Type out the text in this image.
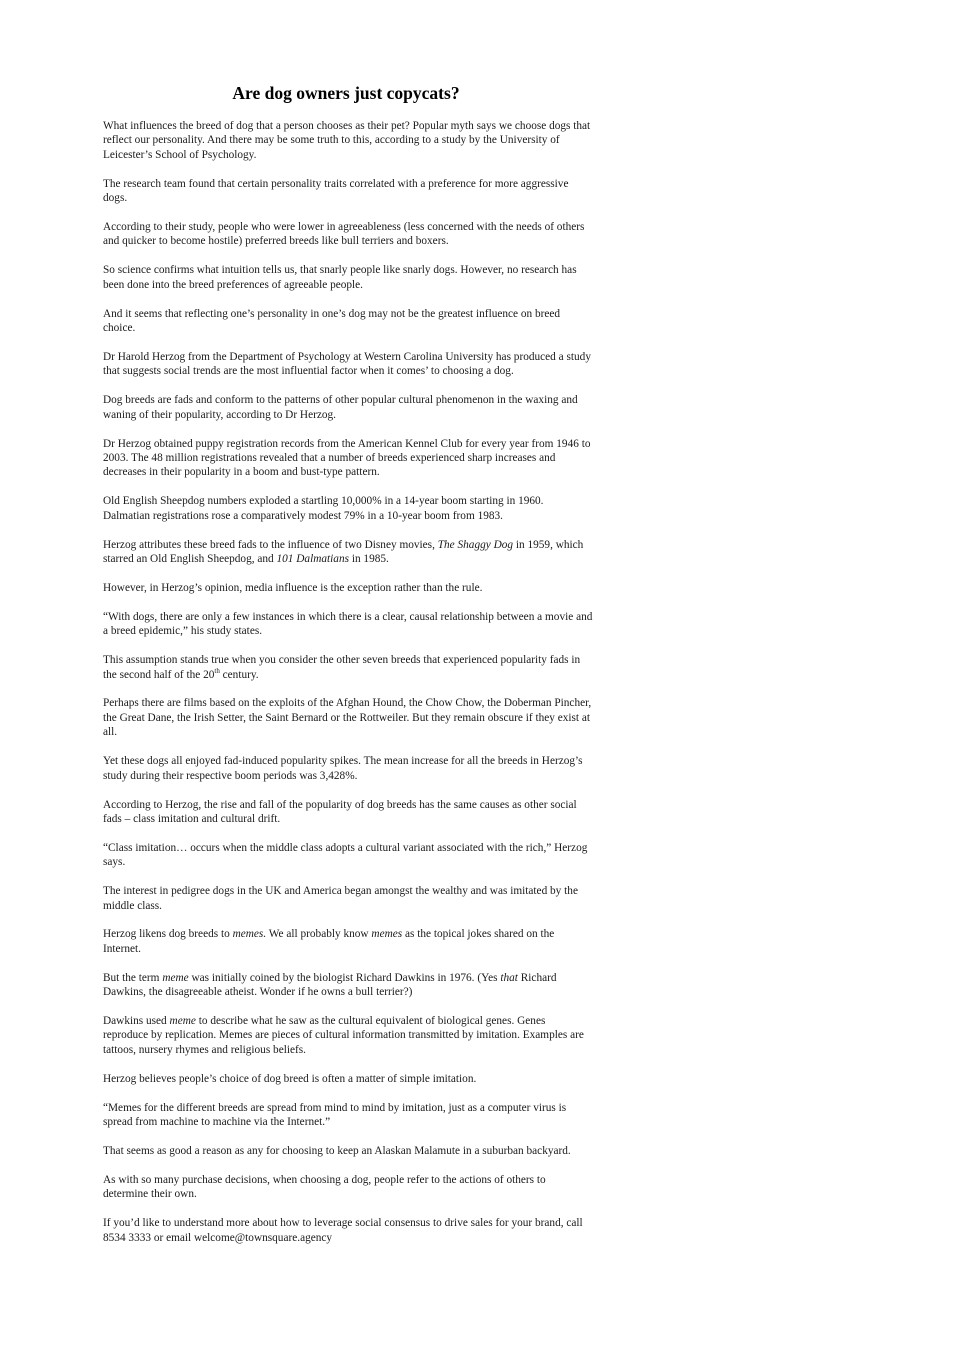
Are dog owners just copycats?

What influences the breed of dog that a person chooses as their pet? Popular myth says we choose dogs that reflect our personality. And there may be some truth to this, according to a study by the University of Leicester’s School of Psychology.

The research team found that certain personality traits correlated with a preference for more aggressive dogs.

According to their study, people who were lower in agreeableness (less concerned with the needs of others and quicker to become hostile) preferred breeds like bull terriers and boxers.

So science confirms what intuition tells us, that snarly people like snarly dogs. However, no research has been done into the breed preferences of agreeable people.

And it seems that reflecting one’s personality in one’s dog may not be the greatest influence on breed choice.

Dr Harold Herzog from the Department of Psychology at Western Carolina University has produced a study that suggests social trends are the most influential factor when it comes’ to choosing a dog.

Dog breeds are fads and conform to the patterns of other popular cultural phenomenon in the waxing and waning of their popularity, according to Dr Herzog.

Dr Herzog obtained puppy registration records from the American Kennel Club for every year from 1946 to 2003. The 48 million registrations revealed that a number of breeds experienced sharp increases and decreases in their popularity in a boom and bust-type pattern.

Old English Sheepdog numbers exploded a startling 10,000% in a 14-year boom starting in 1960. Dalmatian registrations rose a comparatively modest 79% in a 10-year boom from 1983.

Herzog attributes these breed fads to the influence of two Disney movies, The Shaggy Dog in 1959, which starred an Old English Sheepdog, and 101 Dalmatians in 1985.

However, in Herzog’s opinion, media influence is the exception rather than the rule.

“With dogs, there are only a few instances in which there is a clear, causal relationship between a movie and a breed epidemic,” his study states.

This assumption stands true when you consider the other seven breeds that experienced popularity fads in the second half of the 20th century.

Perhaps there are films based on the exploits of the Afghan Hound, the Chow Chow, the Doberman Pincher, the Great Dane, the Irish Setter, the Saint Bernard or the Rottweiler. But they remain obscure if they exist at all.

Yet these dogs all enjoyed fad-induced popularity spikes. The mean increase for all the breeds in Herzog’s study during their respective boom periods was 3,428%.

According to Herzog, the rise and fall of the popularity of dog breeds has the same causes as other social fads – class imitation and cultural drift.

“Class imitation… occurs when the middle class adopts a cultural variant associated with the rich,” Herzog says.

The interest in pedigree dogs in the UK and America began amongst the wealthy and was imitated by the middle class.

Herzog likens dog breeds to memes. We all probably know memes as the topical jokes shared on the Internet.

But the term meme was initially coined by the biologist Richard Dawkins in 1976. (Yes that Richard Dawkins, the disagreeable atheist. Wonder if he owns a bull terrier?)

Dawkins used meme to describe what he saw as the cultural equivalent of biological genes. Genes reproduce by replication. Memes are pieces of cultural information transmitted by imitation. Examples are tattoos, nursery rhymes and religious beliefs.

Herzog believes people’s choice of dog breed is often a matter of simple imitation.

“Memes for the different breeds are spread from mind to mind by imitation, just as a computer virus is spread from machine to machine via the Internet.”

That seems as good a reason as any for choosing to keep an Alaskan Malamute in a suburban backyard.

As with so many purchase decisions, when choosing a dog, people refer to the actions of others to determine their own.

If you’d like to understand more about how to leverage social consensus to drive sales for your brand, call 8534 3333 or email welcome@townsquare.agency
